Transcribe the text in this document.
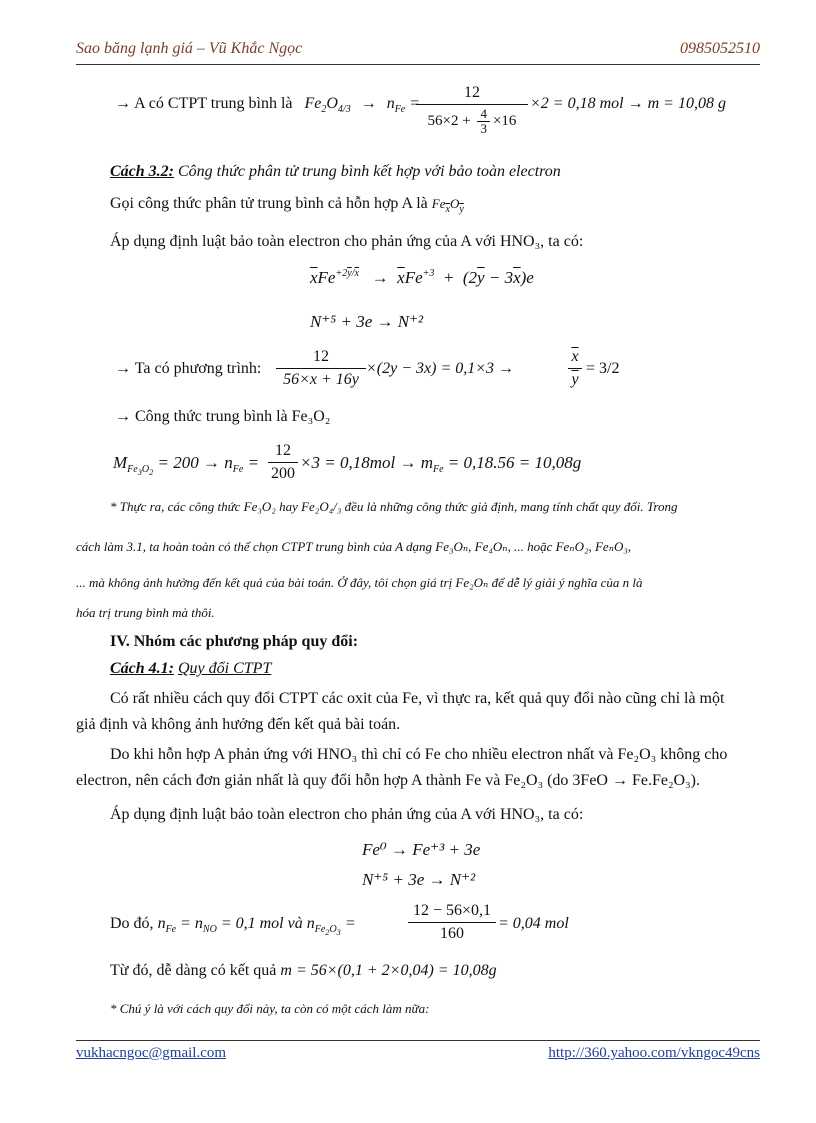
Sao băng lạnh giá – Vũ Khắc Ngọc	0985052510
→ A có CTPT trung bình là $Fe_2O_{4/3} \to n_{Fe}$ =
$\frac{12}{56\times 2 + \frac{4}{3} \times 16} \times 2 = 0,18$ mol → m = 10,08 g
Cách 3.2: Công thức phân tử trung bình kết hợp với bảo toàn electron
Gọi công thức phân tử trung bình cả hỗn hợp A là $Fe_{\overline{x}}O_{\overline{y}}$
Áp dụng định luật bảo toàn electron cho phản ứng của A với HNO₃, ta có:
$\overline{x}Fe^{+2\overline{y}/\overline{x}} \to \overline{x}Fe^{+3} + (2\overline{y} - 3\overline{x})e$
N⁺⁵ + 3e → N⁺²
→ Ta có phương trình: $\frac{12}{56\times x + 16y} \times(2y - 3x) = 0,1\times 3$ →
$\overline{x}$
$\overline{y}$
= 3/2
→ Công thức trung bình là Fe₃O₂
$M_{Fe_3O_2} = 200 \to n_{Fe}$ =
12
200
$\times 3 = 0,18mol \to m_{Fe} = 0,18.56 = 10,08g$
* Thực ra, các công thức Fe₃O₂ hay Fe₂O₄/₃ đều là những công thức giả định, mang tính chất quy đổi. Trong
cách làm 3.1, ta hoàn toàn có thể chọn CTPT trung bình của A dạng Fe₃Oₙ, Fe₄Oₙ, ... hoặc FeₙO₂, FeₙO₃,
... mà không ảnh hưởng đến kết quả của bài toán. Ở đây, tôi chọn giá trị Fe₂Oₙ để dễ lý giải ý nghĩa của n là
hóa trị trung bình mà thôi.
IV. Nhóm các phương pháp quy đổi:
Cách 4.1: Quy đổi CTPT
Có rất nhiều cách quy đổi CTPT các oxit của Fe, vì thực ra, kết quả quy đổi nào cũng chỉ là một
giả định và không ảnh hưởng đến kết quả bài toán.
Do khi hỗn hợp A phản ứng với HNO₃ thì chỉ có Fe cho nhiều electron nhất và Fe₂O₃ không cho
electron, nên cách đơn giản nhất là quy đổi hỗn hợp A thành Fe và Fe₂O₃ (do 3FeO → Fe.Fe₂O₃).
Áp dụng định luật bảo toàn electron cho phản ứng của A với HNO₃, ta có:
Fe⁰ → Fe⁺³ + 3e
N⁺⁵ + 3e → N⁺²
Do đó, $n_{Fe} = n_{NO} = 0,1$ mol và $n_{Fe_2O_3}$ =	$\frac{12 - 56\times 0,1}{160} = 0,04$ mol
Từ đó, dễ dàng có kết quả m = 56×(0,1 + 2×0,04) = 10,08g
* Chú ý là với cách quy đổi này, ta còn có một cách làm nữa:
vukhacngoc@gmail.com	http://360.yahoo.com/vkngoc49cns
